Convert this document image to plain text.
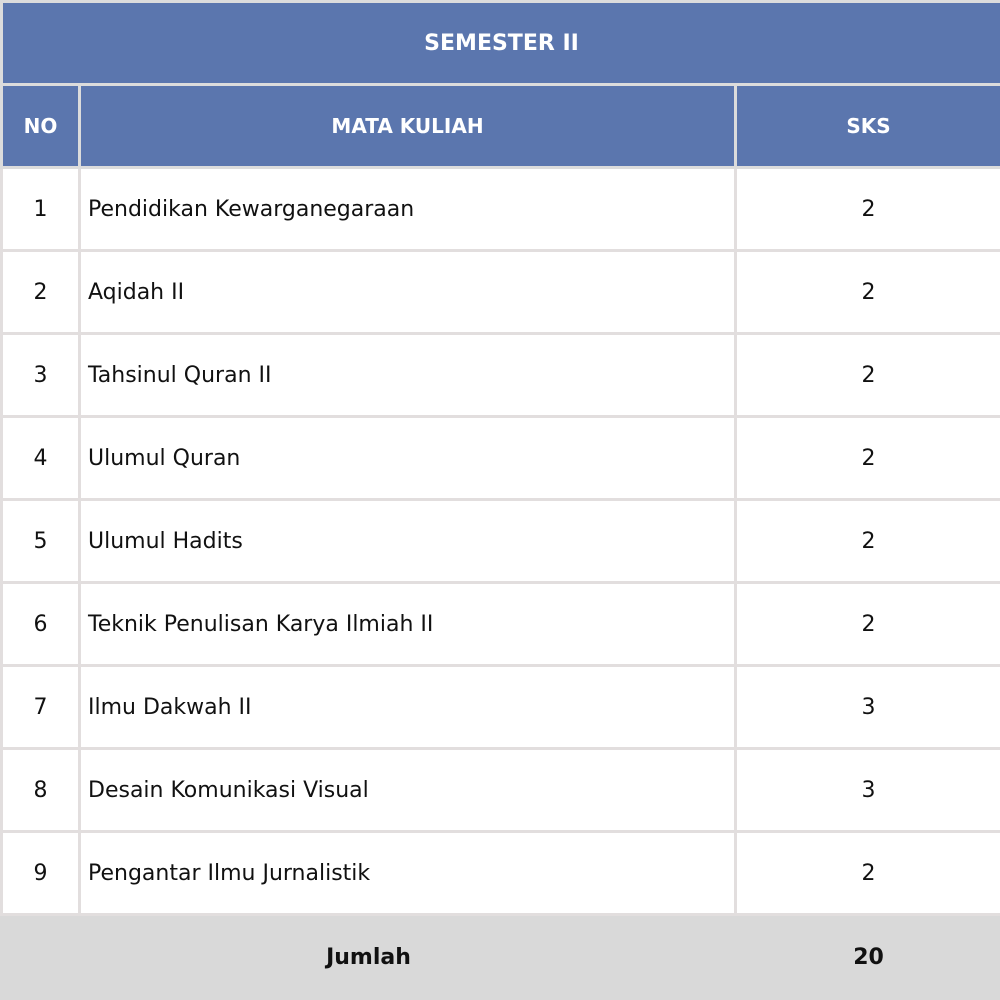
SEMESTER II		
NO	MATA KULIAH	SKS
1	Pendidikan Kewarganegaraan	2
2	Aqidah II	2
3	Tahsinul Quran II	2
4	Ulumul Quran	2
5	Ulumul Hadits	2
6	Teknik Penulisan Karya Ilmiah II	2
7	Ilmu Dakwah II	3
8	Desain Komunikasi Visual	3
9	Pengantar Ilmu Jurnalistik	2
Jumlah		20
